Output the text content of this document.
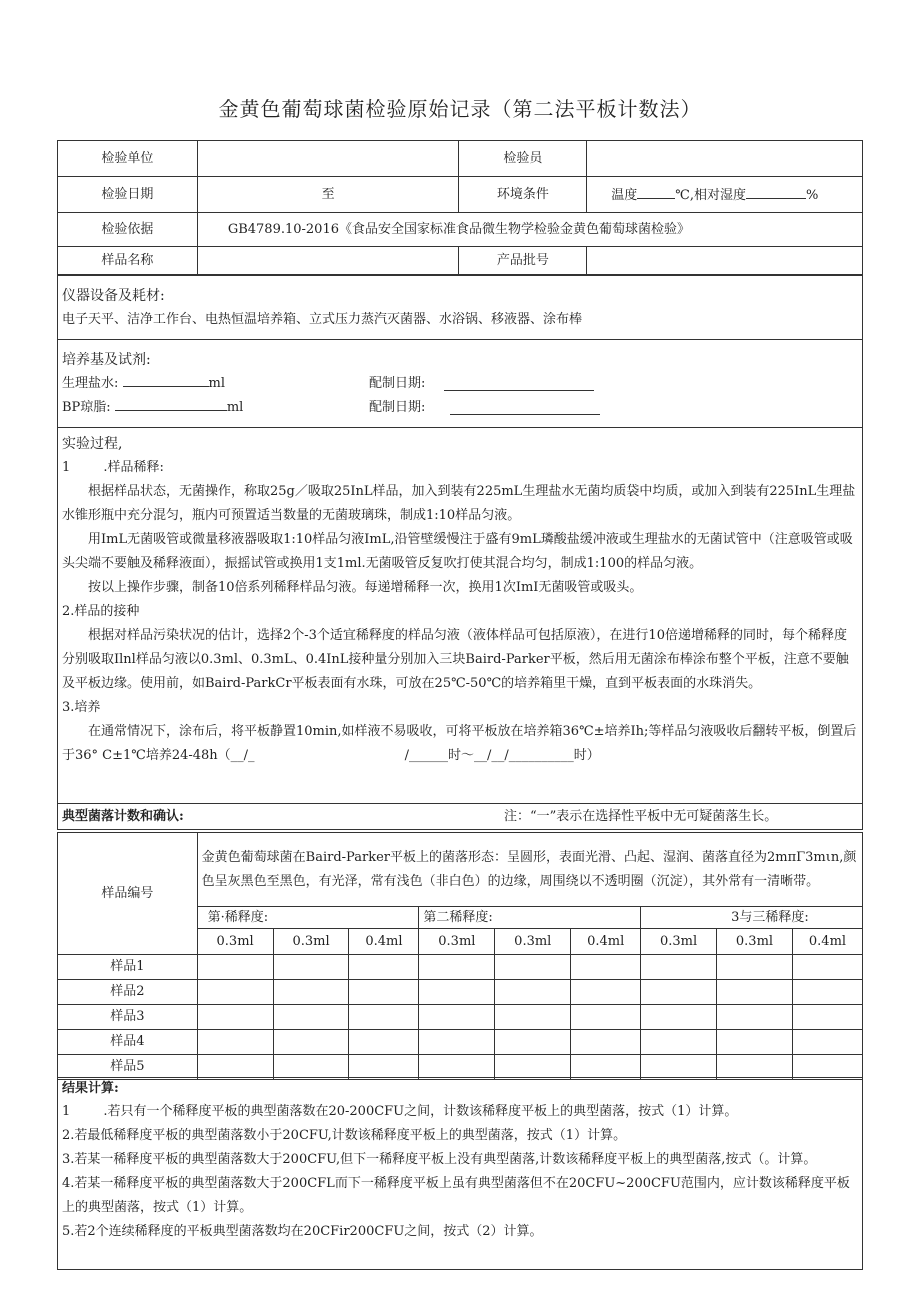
金黄色葡萄球菌检验原始记录（第二法平板计数法）
检验单位		检验员	
检验日期	至	环境条件	温度 ℃,相对湿度 %
检验依据	GB4789.10-2016《食品安全国家标准食品微生物学检验金黄色葡萄球菌检验》		
样品名称		产品批号	

仪器设备及耗材:

电子天平、洁净工作台、电热恒温培养箱、立式压力蒸汽灭菌器、水浴锅、移液器、涂布棒

培养基及试剂:

生理盐水:	ml	配制日期:

BP琼脂:	ml	配制日期:

实验过程,

1        .样品稀释:

根据样品状态，无菌操作，称取25g／吸取25InL样品，加入到装有225mL生理盐水无菌均质袋中均质，或加入到装有225InL生理盐水锥形瓶中充分混匀，瓶内可预置适当数量的无菌玻璃珠，制成1:10样品匀液。

用ImL无菌吸管或微量移液器吸取1:10样品匀液ImL,沿管壁缓慢注于盛有9mL璘酸盐缓冲液或生理盐水的无菌试管中（注意吸管或吸头尖端不要触及稀释液面），振摇试管或换用1支1ml.无菌吸管反复吹打使其混合均匀，制成1:100的样品匀液。

按以上操作步骤，制备10倍系列稀释样品匀液。每递增稀释一次，换用1次ImI无菌吸管或吸头。

2.样品的接种

根据对样品污染状况的估计，选择2个-3个适宜稀释度的样品匀液（液体样品可包括原液），在进行10倍递增稀释的同时，每个稀释度分别吸取Ilnl样品匀液以0.3ml、0.3mL、0.4InL接种量分别加入三块Baird-Parker平板，然后用无菌涂布棒涂布整个平板，注意不要触及平板边缘。使用前，如Baird-ParkCr平板表面有水珠，可放在25℃-50℃的培养箱里干燥，直到平板表面的水珠消失。

3.培养

在通常情况下，涂布后，将平板静置10min,如样液不易吸收，可将平板放在培养箱36℃±培养Ih;等样品匀液吸收后翻转平板，倒置后于36° C±1℃培养24-48h（__/_	/______时～__/__/__________时）

典型菌落计数和确认:	注：“一”表示在选择性平板中无可疑菌落生长。
样品编号	金黄色葡萄球菌在Baird-Parker平板上的菌落形态：呈圆形，表面光滑、凸起、湿润、菌落直径为2mπΓ3mιn,颜色呈灰黑色至黑色，有光泽，常有浅色（非白色）的边缘，周围绕以不透明圈（沉淀），其外常有一清晰带。								
	第·稀释度:			第二稀释度:			3与三稀释度:		
	0.3ml	0.3ml	0.4ml	0.3ml	0.3ml	0.4ml	0.3ml	0.3ml	0.4ml
样品1									
样品2									
样品3									
样品4									
样品5									

结果计算:

1        .若只有一个稀释度平板的典型菌落数在20-200CFU之间，计数该稀释度平板上的典型菌落，按式（1）计算。

2.若最低稀释度平板的典型菌落数小于20CFU,计数该稀释度平板上的典型菌落，按式（1）计算。

3.若某一稀释度平板的典型菌落数大于200CFU,但下一稀释度平板上没有典型菌落,计数该稀释度平板上的典型菌落,按式（。计算。

4.若某一稀释度平板的典型菌落数大于200CFL而下一稀释度平板上虽有典型菌落但不在20CFU~200CFU范围内，应计数该稀释度平板上的典型菌落，按式（1）计算。

5.若2个连续稀释度的平板典型菌落数均在20CFir200CFU之间，按式（2）计算。
